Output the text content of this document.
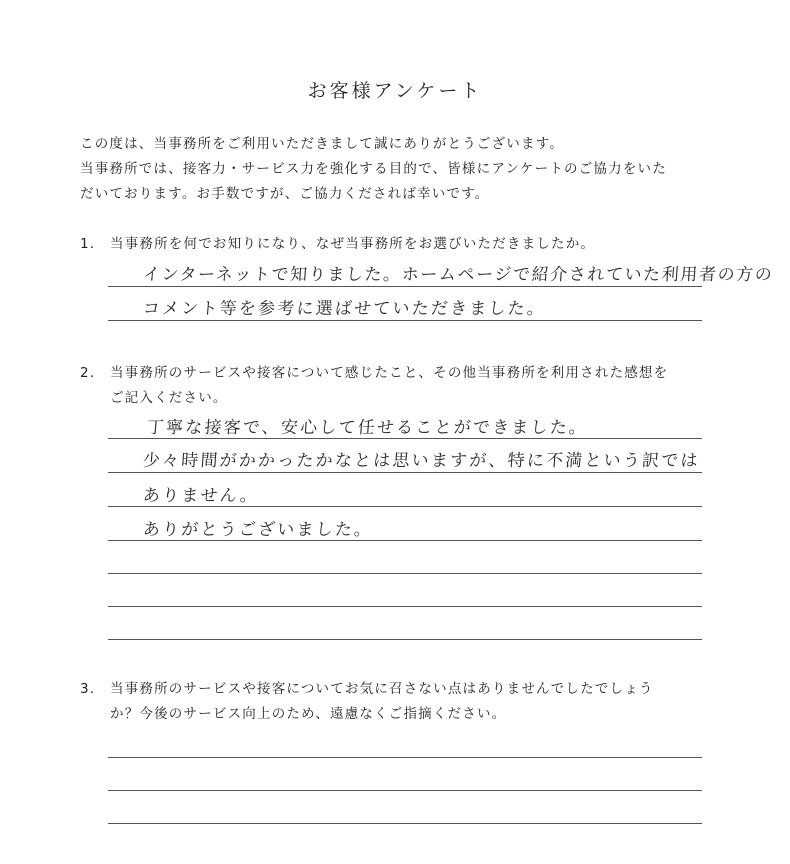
お客様アンケート
この度は、当事務所をご利用いただきまして誠にありがとうございます。
当事務所では、接客力・サービス力を強化する目的で、皆様にアンケートのご協力をいた
だいております。お手数ですが、ご協力くだされば幸いです。
1. 当事務所を何でお知りになり、なぜ当事務所をお選びいただきましたか。
インターネットで知りました。ホームページで紹介されていた利用者の方の
コメント等を参考に選ばせていただきました。
2. 当事務所のサービスや接客について感じたこと、その他当事務所を利用された感想を
ご記入ください。
丁寧な接客で、安心して任せることができました。
少々時間がかかったかなとは思いますが、特に不満という訳では
ありません。
ありがとうございました。
3. 当事務所のサービスや接客についてお気に召さない点はありませんでしたでしょう
か？今後のサービス向上のため、遠慮なくご指摘ください。
